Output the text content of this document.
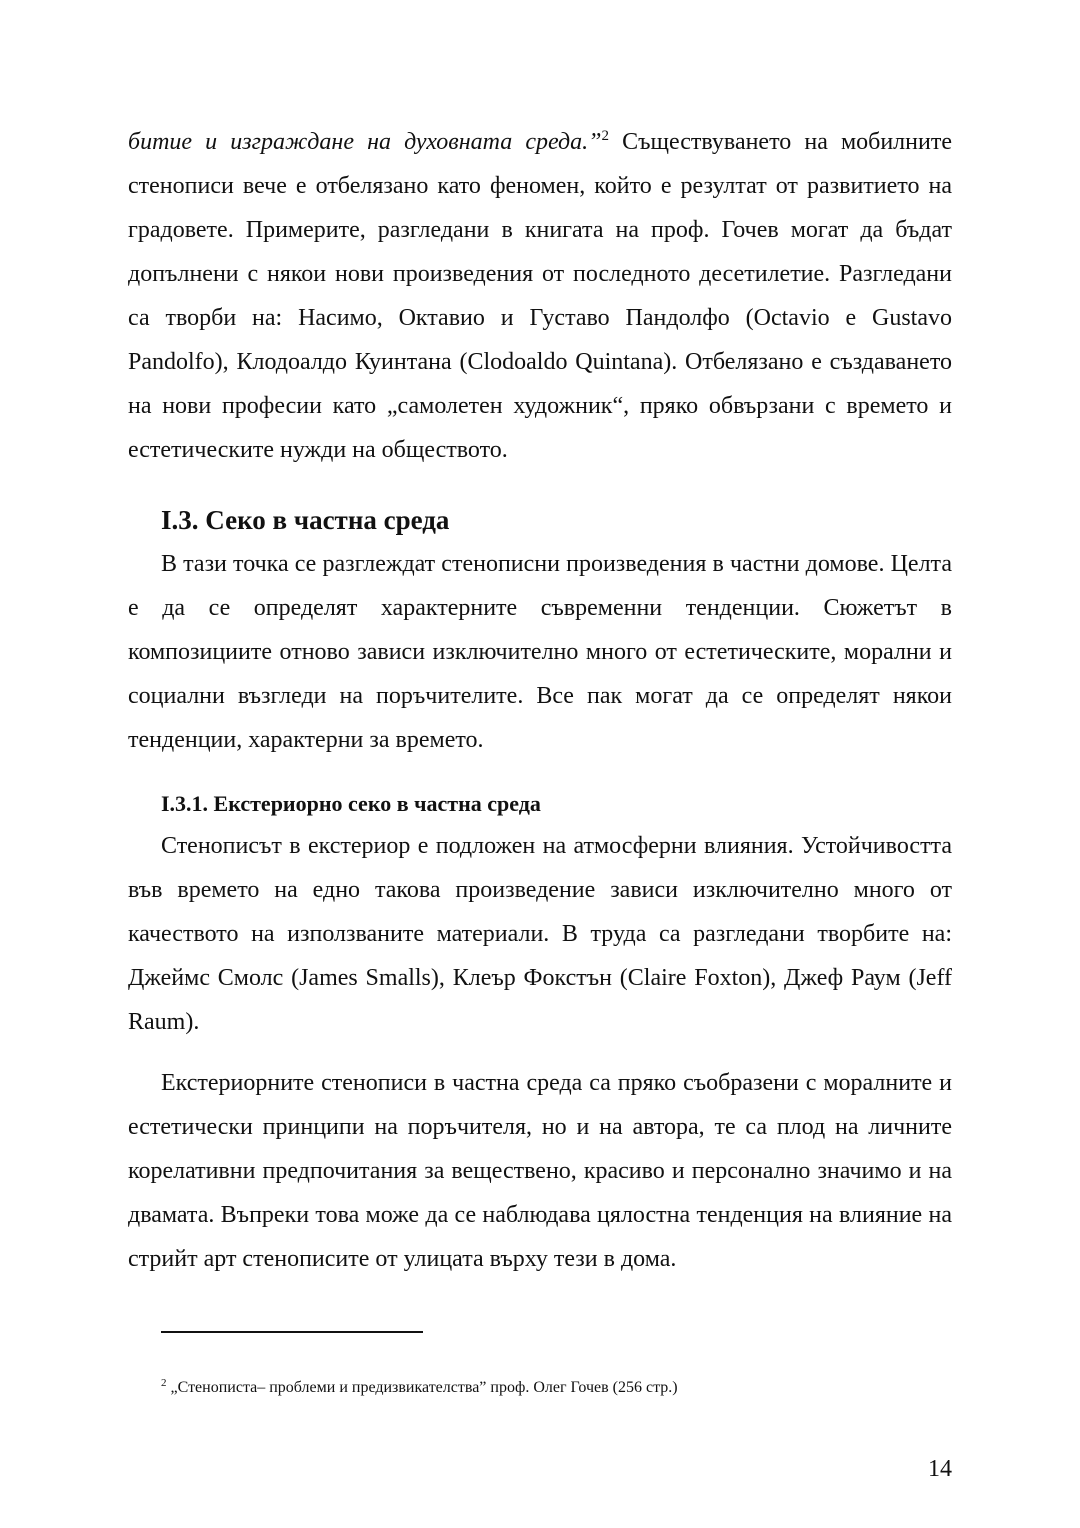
битие и изграждане на духовната среда.”$^2$ Съществуването на мобилните стенописи вече е отбелязано като феномен, който е резултат от развитието на градовете. Примерите, разгледани в книгата на проф. Гочев могат да бъдат допълнени с някои нови произведения от последното десетилетие. Разгледани са творби на: Насимо, Октавио и Густаво Пандолфо (Octavio e Gustavo Pandolfo), Клодоалдо Куинтана (Clodoaldo Quintana). Отбелязано е създаването на нови професии като „самолетен художник“, пряко обвързани с времето и естетическите нужди на обществото.

I.3. Секо в частна среда

В тази точка се разглеждат стенописни произведения в частни домове. Целта е да се определят характерните съвременни тенденции. Сюжетът в композициите отново зависи изключително много от естетическите, морални и социални възгледи на поръчителите. Все пак могат да се определят някои тенденции, характерни за времето.

I.3.1. Екстериорно секо в частна среда

Стенописът в екстериор е подложен на атмосферни влияния. Устойчивостта във времето на едно такова произведение зависи изключително много от качеството на използваните материали. В труда са разгледани творбите на: Джеймс Смолс (James Smalls), Клеър Фокстън (Claire Foxton), Джеф Раум (Jeff Raum).

Екстериорните стенописи в частна среда са пряко съобразени с моралните и естетически принципи на поръчителя, но и на автора, те са плод на личните корелативни предпочитания за веществено, красиво и персонално значимо и на двамата. Въпреки това може да се наблюдава цялостна тенденция на влияние на стрийт арт стенописите от улицата върху тези в дома.

$^2$ „Стенописта– проблеми и предизвикателства” проф. Олег Гочев (256 стр.)
14
